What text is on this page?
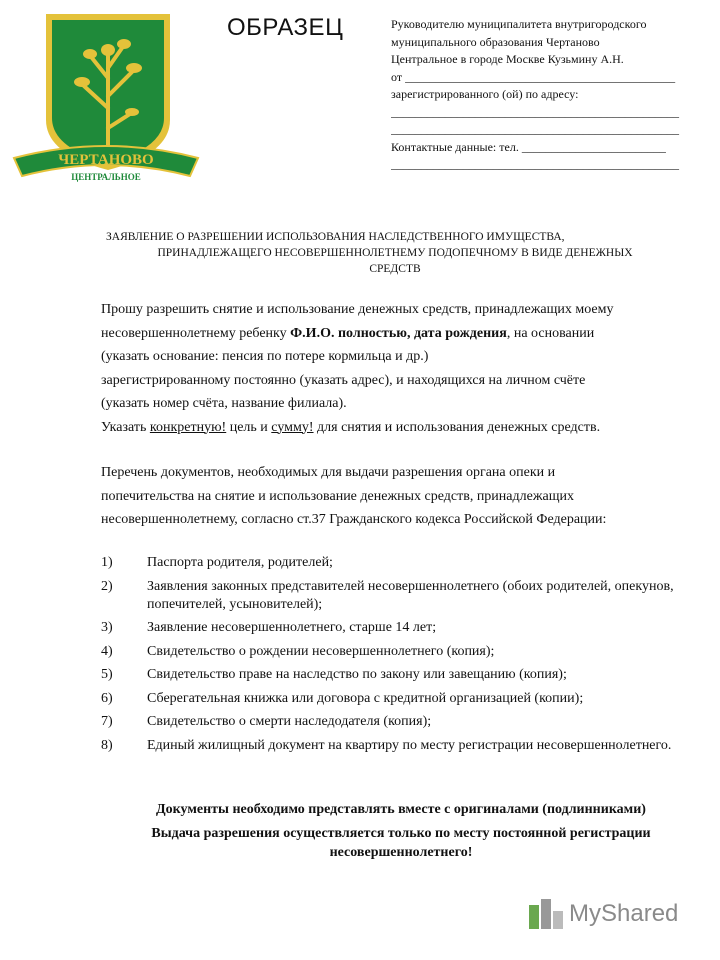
ЧЕРТАНОВО
ЦЕНТРАЛЬНОЕ
ОБРАЗЕЦ	Руководителю муниципалитета внутригородского
муниципального образования Чертаново
Центральное в городе Москве Кузьмину А.Н.
от _____________________________________________
зарегистрированного (ой) по адресу:
________________________________________________
________________________________________________
Контактные данные: тел. ________________________
________________________________________________
ЗАЯВЛЕНИЕ О РАЗРЕШЕНИИ ИСПОЛЬЗОВАНИЯ НАСЛЕДСТВЕННОГО ИМУЩЕСТВА,
ПРИНАДЛЕЖАЩЕГО НЕСОВЕРШЕННОЛЕТНЕМУ ПОДОПЕЧНОМУ В ВИДЕ ДЕНЕЖНЫХ
СРЕДСТВ

Прошу разрешить снятие и использование денежных средств, принадлежащих моему

несовершеннолетнему ребенку Ф.И.О. полностью, дата рождения, на основании

(указать основание: пенсия по потере кормильца и др.)

зарегистрированному постоянно (указать адрес), и находящихся на личном счёте

(указать номер счёта, название филиала).

Указать конкретную! цель и сумму! для снятия и использования денежных средств.

Перечень документов, необходимых для выдачи разрешения органа опеки и

попечительства на снятие и использование денежных средств, принадлежащих

несовершеннолетнему, согласно ст.37 Гражданского кодекса Российской Федерации:

1)	Паспорта родителя, родителей;
2)	Заявления законных представителей несовершеннолетнего (обоих родителей, опекунов, попечителей, усыновителей);
3)	Заявление несовершеннолетнего, старше 14 лет;
4)	Свидетельство о рождении несовершеннолетнего (копия);
5)	Свидетельство праве на наследство по закону или завещанию (копия);
6)	Сберегательная книжка или договора с кредитной организацией (копии);
7)	Свидетельство о смерти наследодателя (копия);
8)	Единый жилищный документ на квартиру по месту регистрации несовершеннолетнего.

Документы необходимо представлять вместе с оригиналами (подлинниками)

Выдача разрешения осуществляется только по месту постоянной регистрации несовершеннолетнего!

My Shared
